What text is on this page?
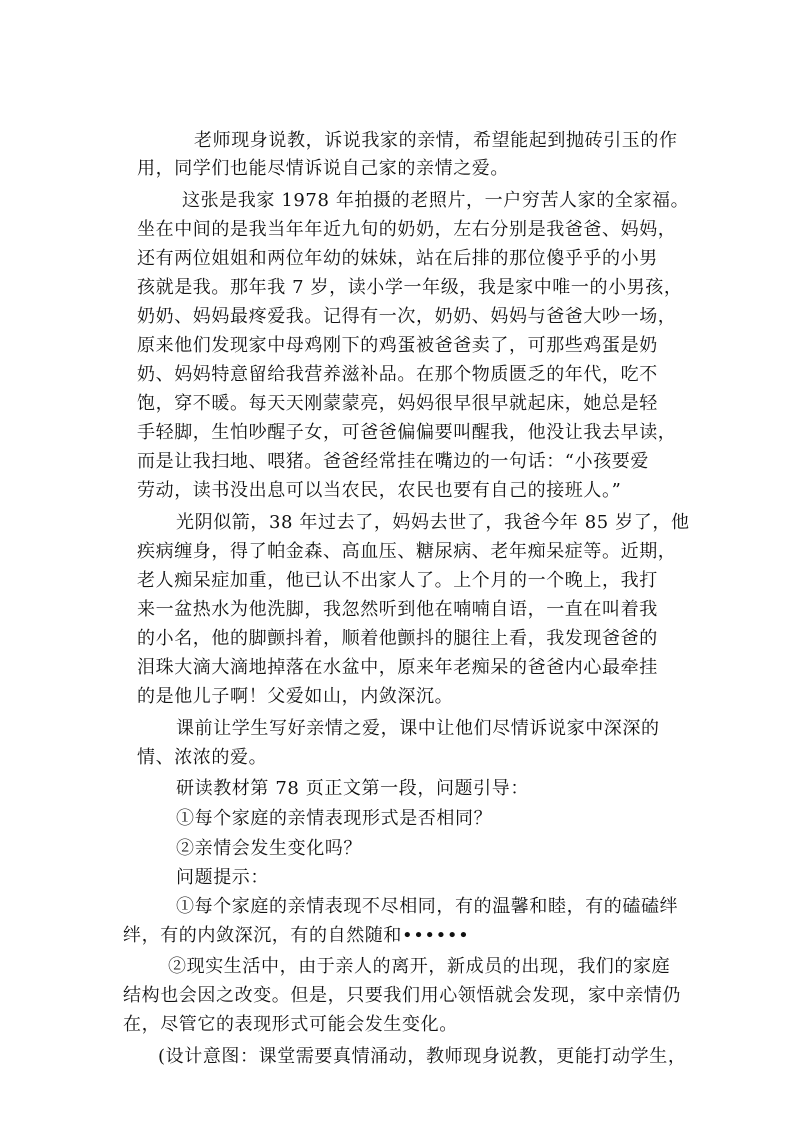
老师现身说教，诉说我家的亲情，希望能起到抛砖引玉的作
用，同学们也能尽情诉说自己家的亲情之爱。
这张是我家 1978 年拍摄的老照片，一户穷苦人家的全家福。
坐在中间的是我当年年近九旬的奶奶，左右分别是我爸爸、妈妈，
还有两位姐姐和两位年幼的妹妹，站在后排的那位傻乎乎的小男
孩就是我。那年我 7 岁，读小学一年级，我是家中唯一的小男孩，
奶奶、妈妈最疼爱我。记得有一次，奶奶、妈妈与爸爸大吵一场，
原来他们发现家中母鸡刚下的鸡蛋被爸爸卖了，可那些鸡蛋是奶
奶、妈妈特意留给我营养滋补品。在那个物质匮乏的年代，吃不
饱，穿不暖。每天天刚蒙蒙亮，妈妈很早很早就起床，她总是轻
手轻脚，生怕吵醒子女，可爸爸偏偏要叫醒我，他没让我去早读，
而是让我扫地、喂猪。爸爸经常挂在嘴边的一句话：“小孩要爱
劳动，读书没出息可以当农民，农民也要有自己的接班人。”
光阴似箭，38 年过去了，妈妈去世了，我爸今年 85 岁了，他
疾病缠身，得了帕金森、高血压、糖尿病、老年痴呆症等。近期，
老人痴呆症加重，他已认不出家人了。上个月的一个晚上，我打
来一盆热水为他洗脚，我忽然听到他在喃喃自语，一直在叫着我
的小名，他的脚颤抖着，顺着他颤抖的腿往上看，我发现爸爸的
泪珠大滴大滴地掉落在水盆中，原来年老痴呆的爸爸内心最牵挂
的是他儿子啊！父爱如山，内敛深沉。
课前让学生写好亲情之爱，课中让他们尽情诉说家中深深的
情、浓浓的爱。
研读教材第 78 页正文第一段，问题引导：
①每个家庭的亲情表现形式是否相同？
②亲情会发生变化吗？
问题提示：
①每个家庭的亲情表现不尽相同，有的温馨和睦，有的磕磕绊
绊，有的内敛深沉，有的自然随和••••••
②现实生活中，由于亲人的离开，新成员的出现，我们的家庭
结构也会因之改变。但是，只要我们用心领悟就会发现，家中亲情仍
在，尽管它的表现形式可能会发生变化。
(设计意图：课堂需要真情涌动，教师现身说教，更能打动学生，
